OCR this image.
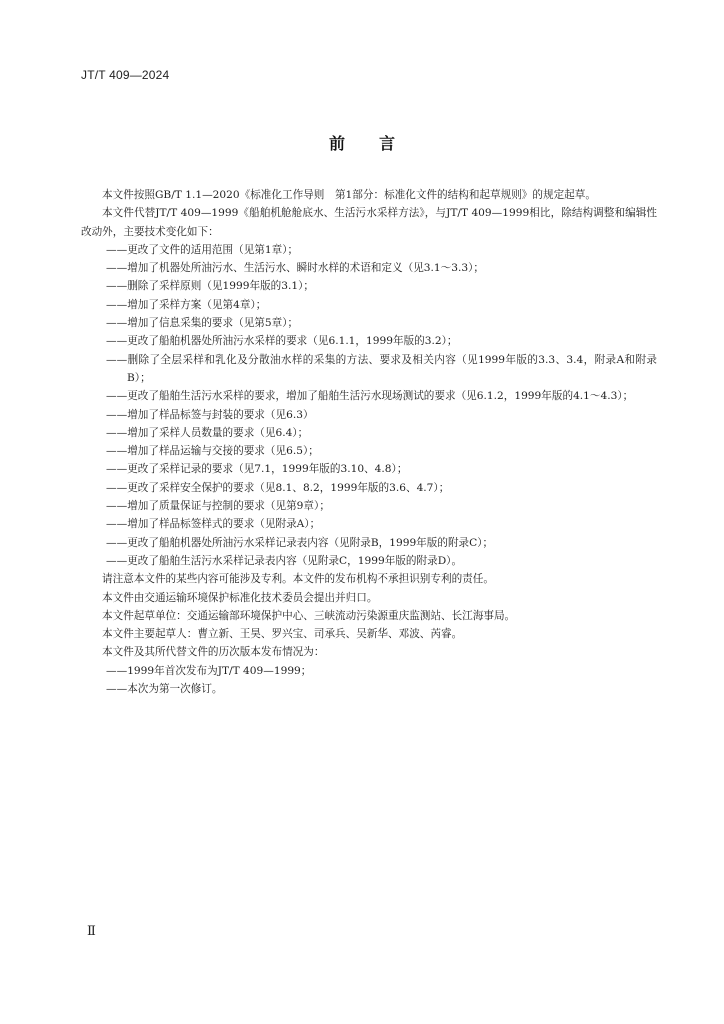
JT/T 409—2024
前言

本文件按照GB/T 1.1—2020《标准化工作导则　第1部分：标准化文件的结构和起草规则》的规定起草。

本文件代替JT/T 409—1999《船舶机舱舱底水、生活污水采样方法》，与JT/T 409—1999相比，除结构调整和编辑性改动外，主要技术变化如下：

——更改了文件的适用范围（见第1章）；

——增加了机器处所油污水、生活污水、瞬时水样的术语和定义（见3.1～3.3）；

——删除了采样原则（见1999年版的3.1）；

——增加了采样方案（见第4章）；

——增加了信息采集的要求（见第5章）；

——更改了船舶机器处所油污水采样的要求（见6.1.1，1999年版的3.2）；

——删除了全层采样和乳化及分散油水样的采集的方法、要求及相关内容（见1999年版的3.3、3.4，附录A和附录B）；

——更改了船舶生活污水采样的要求，增加了船舶生活污水现场测试的要求（见6.1.2，1999年版的4.1～4.3）；

——增加了样品标签与封装的要求（见6.3）

——增加了采样人员数量的要求（见6.4）；

——增加了样品运输与交接的要求（见6.5）；

——更改了采样记录的要求（见7.1，1999年版的3.10、4.8）；

——更改了采样安全保护的要求（见8.1、8.2，1999年版的3.6、4.7）；

——增加了质量保证与控制的要求（见第9章）；

——增加了样品标签样式的要求（见附录A）；

——更改了船舶机器处所油污水采样记录表内容（见附录B，1999年版的附录C）；

——更改了船舶生活污水采样记录表内容（见附录C，1999年版的附录D）。

请注意本文件的某些内容可能涉及专利。本文件的发布机构不承担识别专利的责任。

本文件由交通运输环境保护标准化技术委员会提出并归口。

本文件起草单位：交通运输部环境保护中心、三峡流动污染源重庆监测站、长江海事局。

本文件主要起草人：曹立新、王昊、罗兴宝、司承兵、吴新华、邓波、芮睿。

本文件及其所代替文件的历次版本发布情况为：

——1999年首次发布为JT/T 409—1999；

——本次为第一次修订。

Ⅱ
